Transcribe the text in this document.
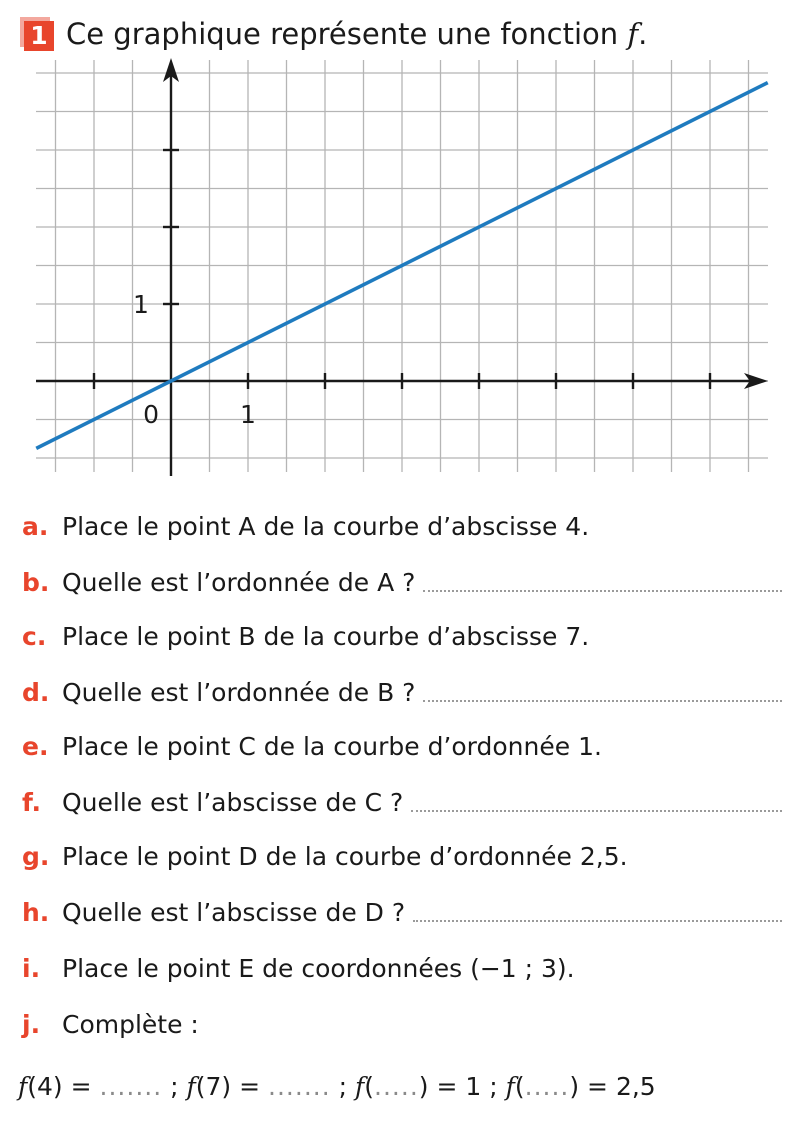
1 Ce graphique représente une fonction f.
0	1
1
a. Place le point A de la courbe d’abscisse 4.
b. Quelle est l’ordonnée de A ?
c. Place le point B de la courbe d’abscisse 7.
d. Quelle est l’ordonnée de B ?
e. Place le point C de la courbe d’ordonnée 1.
f. Quelle est l’abscisse de C ?
g. Place le point D de la courbe d’ordonnée 2,5.
h. Quelle est l’abscisse de D ?
i. Place le point E de coordonnées (−1 ; 3).
j. Complète :
f(4) = ....... ; f(7) = ....... ; f(.....) = 1 ; f(.....) = 2,5
